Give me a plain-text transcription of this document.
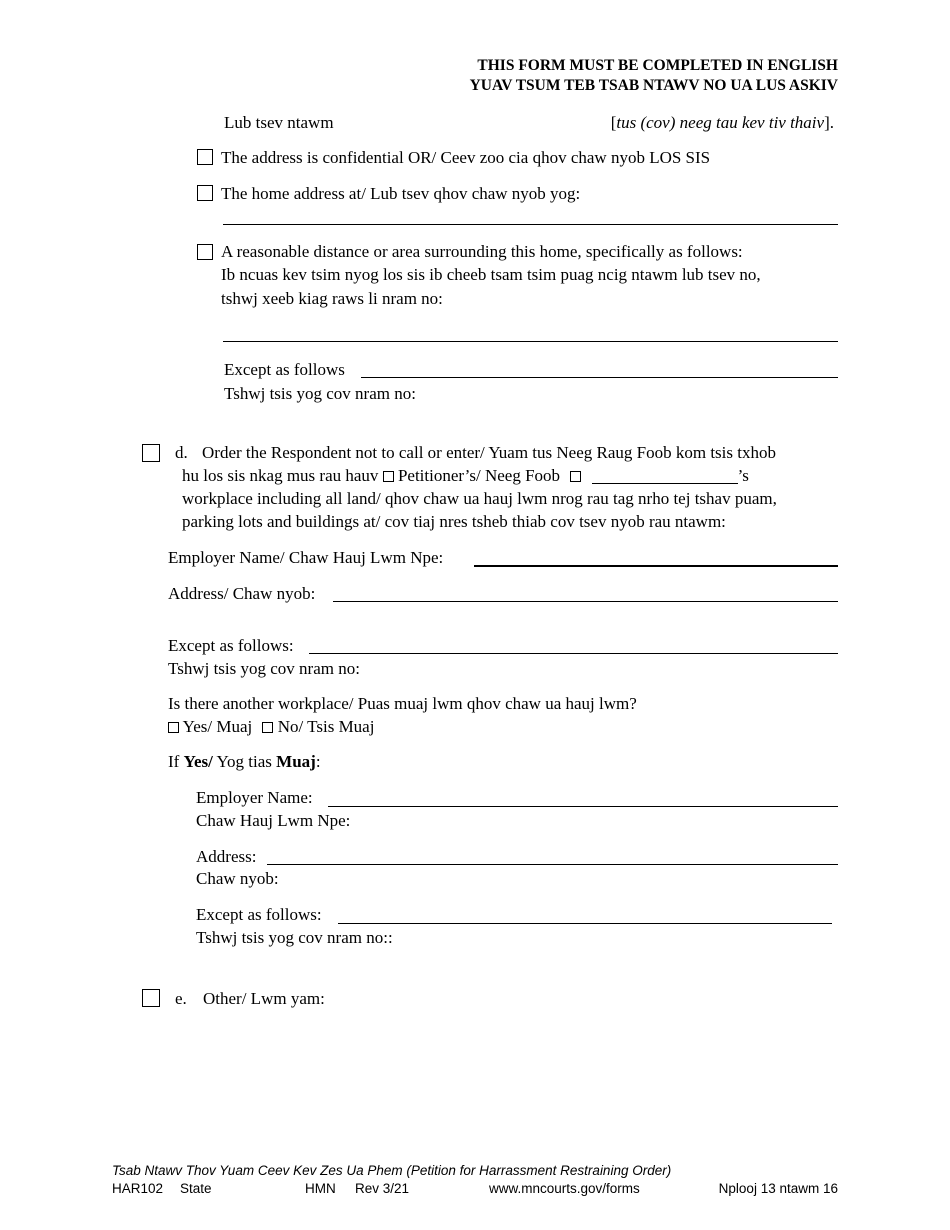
THIS FORM MUST BE COMPLETED IN ENGLISH
YUAV TSUM TEB TSAB NTAWV NO UA LUS ASKIV
Lub tsev ntawm	[tus (cov) neeg tau kev tiv thaiv].
The address is confidential OR/ Ceev zoo cia qhov chaw nyob LOS SIS
The home address at/ Lub tsev qhov chaw nyob yog:
A reasonable distance or area surrounding this home, specifically as follows:
Ib ncuas kev tsim nyog los sis ib cheeb tsam tsim puag ncig ntawm lub tsev no,
tshwj xeeb kiag raws li nram no:
Except as follows
Tshwj tsis yog cov nram no:
d. Order the Respondent not to call or enter/ Yuam tus Neeg Raug Foob kom tsis txhob
hu los sis nkag mus rau hauv Petitioner’s/ Neeg Foob	’s
workplace including all land/ qhov chaw ua hauj lwm nrog rau tag nrho tej tshav puam,
parking lots and buildings at/ cov tiaj nres tsheb thiab cov tsev nyob rau ntawm:
Employer Name/ Chaw Hauj Lwm Npe:
Address/ Chaw nyob:
Except as follows:
Tshwj tsis yog cov nram no:
Is there another workplace/ Puas muaj lwm qhov chaw ua hauj lwm?
Yes/ Muaj No/ Tsis Muaj
If Yes/ Yog tias Muaj:
Employer Name:
Chaw Hauj Lwm Npe:
Address:
Chaw nyob:
Except as follows:
Tshwj tsis yog cov nram no::
e. Other/ Lwm yam:
Tsab Ntawv Thov Yuam Ceev Kev Zes Ua Phem (Petition for Harrassment Restraining Order)
HAR102 State	HMN Rev 3/21	www.mncourts.gov/forms	Nplooj 13 ntawm 16
